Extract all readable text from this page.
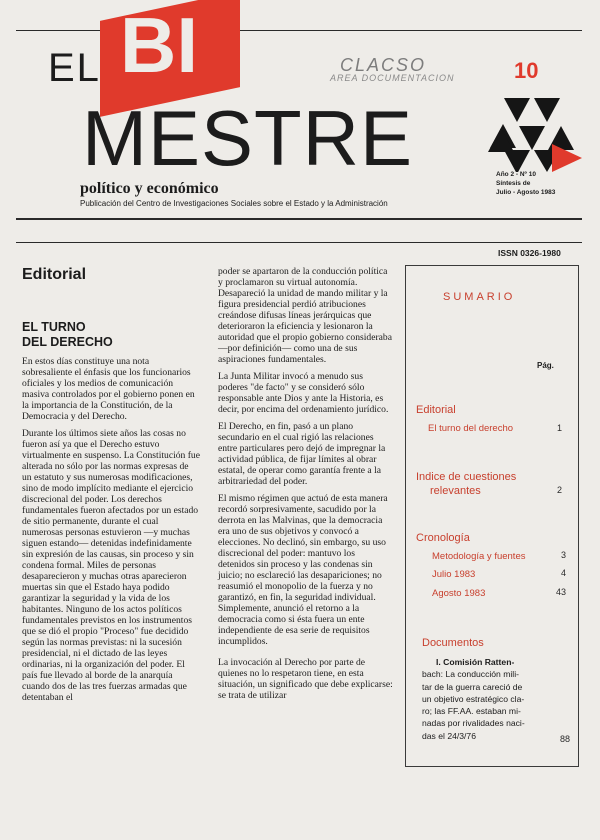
BI
EL
MESTRE
CLACSO
AREA DOCUMENTACION
político y económico
Publicación del Centro de Investigaciones Sociales sobre el Estado y la Administración
10
Año 2 - Nº 10
Síntesis de
Julio - Agosto 1983
ISSN 0326-1980
Editorial
EL TURNO
DEL DERECHO

En estos días constituye una nota sobresaliente el énfasis que los funcionarios oficiales y los medios de comunicación masiva controlados por el gobierno ponen en la importancia de la Constitución, de la Democracia y del Derecho.

Durante los últimos siete años las cosas no fueron así ya que el Derecho estuvo virtualmente en suspenso. La Constitución fue alterada no sólo por las normas expresas de un estatuto y sus numerosas modificaciones, sino de modo implícito mediante el ejercicio discrecional del poder. Los derechos fundamentales fueron afectados por un estado de sitio permanente, durante el cual numerosas personas estuvieron —y muchas siguen estando— detenidas indefinidamente sin expresión de las causas, sin proceso y sin condena formal. Miles de personas desaparecieron y muchas otras aparecieron muertas sin que el Estado haya podido garantizar la seguridad y la vida de los habitantes. Ninguno de los actos políticos fundamentales previstos en los instrumentos que se dió el propio "Proceso" fue decidido según las normas previstas: ni la sucesión presidencial, ni el dictado de las leyes ordinarias, ni la organización del poder. El país fue llevado al borde de la anarquía cuando dos de las tres fuerzas armadas que detentaban el

poder se apartaron de la conducción política y proclamaron su virtual autonomía. Desapareció la unidad de mando militar y la figura presidencial perdió atribuciones creándose difusas líneas jerárquicas que deterioraron la eficiencia y lesionaron la autoridad que el propio gobierno consideraba —por definición— como una de sus aspiraciones fundamentales.

La Junta Militar invocó a menudo sus poderes "de facto" y se consideró sólo responsable ante Dios y ante la Historia, es decir, por encima del ordenamiento jurídico.

El Derecho, en fin, pasó a un plano secundario en el cual rigió las relaciones entre particulares pero dejó de impregnar la actividad pública, de fijar límites al obrar estatal, de operar como garantía frente a la arbitrariedad del poder.

El mismo régimen que actuó de esta manera recordó sorpresivamente, sacudido por la derrota en las Malvinas, que la democracia era uno de sus objetivos y convocó a elecciones. No declinó, sin embargo, su uso discrecional del poder: mantuvo los detenidos sin proceso y las condenas sin juicio; no esclareció las desapariciones; no reasumió el monopolio de la fuerza y no garantizó, en fin, la seguridad individual. Simplemente, anunció el retorno a la democracia como si ésta fuera un ente independiente de esa serie de requisitos incumplidos.

La invocación al Derecho por parte de quienes no lo respetaron tiene, en esta situación, un significado que debe explicarse: se trata de utilizar

SUMARIO
Pág.
Editorial
El turno del derecho	1
Indice de cuestiones
relevantes	2
Cronología
Metodología y fuentes	3
Julio 1983	4
Agosto 1983	43
Documentos
I. Comisión Ratten-
bach: La conducción mili-
tar de la guerra careció de
un objetivo estratégico cla-
ro; las FF.AA. estaban mi-
nadas por rivalidades naci-
das el 24/3/76	88
